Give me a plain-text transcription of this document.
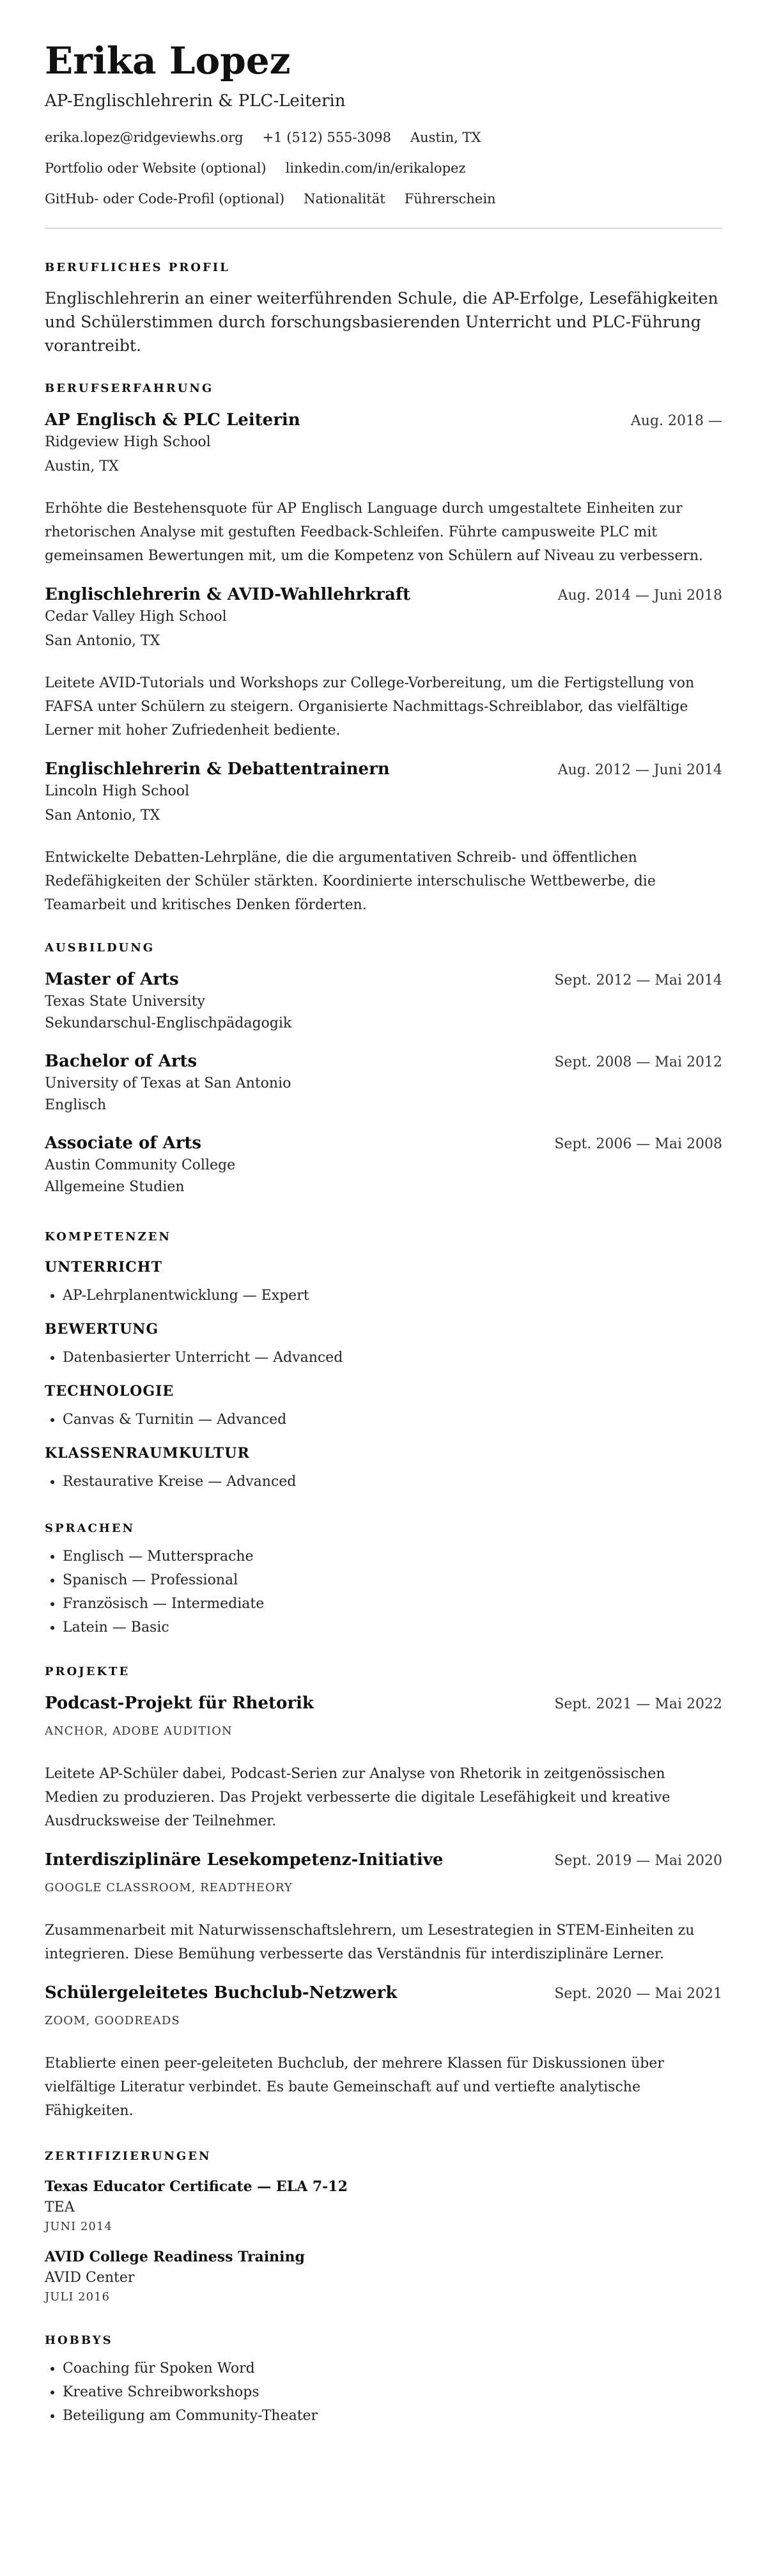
Erika Lopez
AP-Englischlehrerin & PLC-Leiterin
erika.lopez@ridgeviewhs.org +1 (512) 555-3098 Austin, TX
Portfolio oder Website (optional) linkedin.com/in/erikalopez
GitHub- oder Code-Profil (optional) Nationalität Führerschein
BERUFLICHES PROFIL
Englischlehrerin an einer weiterführenden Schule, die AP-Erfolge, Lesefähigkeiten und Schülerstimmen durch forschungsbasierenden Unterricht und PLC-Führung vorantreibt.
BERUFSERFAHRUNG
AP Englisch & PLC Leiterin	Aug. 2018 —
Ridgeview High School
Austin, TX
Erhöhte die Bestehensquote für AP Englisch Language durch umgestaltete Einheiten zur rhetorischen Analyse mit gestuften Feedback-Schleifen. Führte campusweite PLC mit gemeinsamen Bewertungen mit, um die Kompetenz von Schülern auf Niveau zu verbessern.
Englischlehrerin & AVID-Wahllehrkraft	Aug. 2014 — Juni 2018
Cedar Valley High School
San Antonio, TX
Leitete AVID-Tutorials und Workshops zur College-Vorbereitung, um die Fertigstellung von FAFSA unter Schülern zu steigern. Organisierte Nachmittags-Schreiblabor, das vielfältige Lerner mit hoher Zufriedenheit bediente.
Englischlehrerin & Debattentrainern	Aug. 2012 — Juni 2014
Lincoln High School
San Antonio, TX
Entwickelte Debatten-Lehrpläne, die die argumentativen Schreib- und öffentlichen Redefähigkeiten der Schüler stärkten. Koordinierte interschulische Wettbewerbe, die Teamarbeit und kritisches Denken förderten.
AUSBILDUNG
Master of Arts	Sept. 2012 — Mai 2014
Texas State University
Sekundarschul-Englischpädagogik
Bachelor of Arts	Sept. 2008 — Mai 2012
University of Texas at San Antonio
Englisch
Associate of Arts	Sept. 2006 — Mai 2008
Austin Community College
Allgemeine Studien
KOMPETENZEN
UNTERRICHT
• AP-Lehrplanentwicklung — Expert
BEWERTUNG
• Datenbasierter Unterricht — Advanced
TECHNOLOGIE
• Canvas & Turnitin — Advanced
KLASSENRAUMKULTUR
• Restaurative Kreise — Advanced
SPRACHEN
• Englisch — Muttersprache
• Spanisch — Professional
• Französisch — Intermediate
• Latein — Basic
PROJEKTE
Podcast-Projekt für Rhetorik	Sept. 2021 — Mai 2022
ANCHOR, ADOBE AUDITION
Leitete AP-Schüler dabei, Podcast-Serien zur Analyse von Rhetorik in zeitgenössischen Medien zu produzieren. Das Projekt verbesserte die digitale Lesefähigkeit und kreative Ausdrucksweise der Teilnehmer.
Interdisziplinäre Lesekompetenz-Initiative	Sept. 2019 — Mai 2020
GOOGLE CLASSROOM, READTHEORY
Zusammenarbeit mit Naturwissenschaftslehrern, um Lesestrategien in STEM-Einheiten zu integrieren. Diese Bemühung verbesserte das Verständnis für interdisziplinäre Lerner.
Schülergeleitetes Buchclub-Netzwerk	Sept. 2020 — Mai 2021
ZOOM, GOODREADS
Etablierte einen peer-geleiteten Buchclub, der mehrere Klassen für Diskussionen über vielfältige Literatur verbindet. Es baute Gemeinschaft auf und vertiefte analytische Fähigkeiten.
ZERTIFIZIERUNGEN
Texas Educator Certificate — ELA 7-12
TEA
JUNI 2014
AVID College Readiness Training
AVID Center
JULI 2016
HOBBYS
• Coaching für Spoken Word
• Kreative Schreibworkshops
• Beteiligung am Community-Theater
